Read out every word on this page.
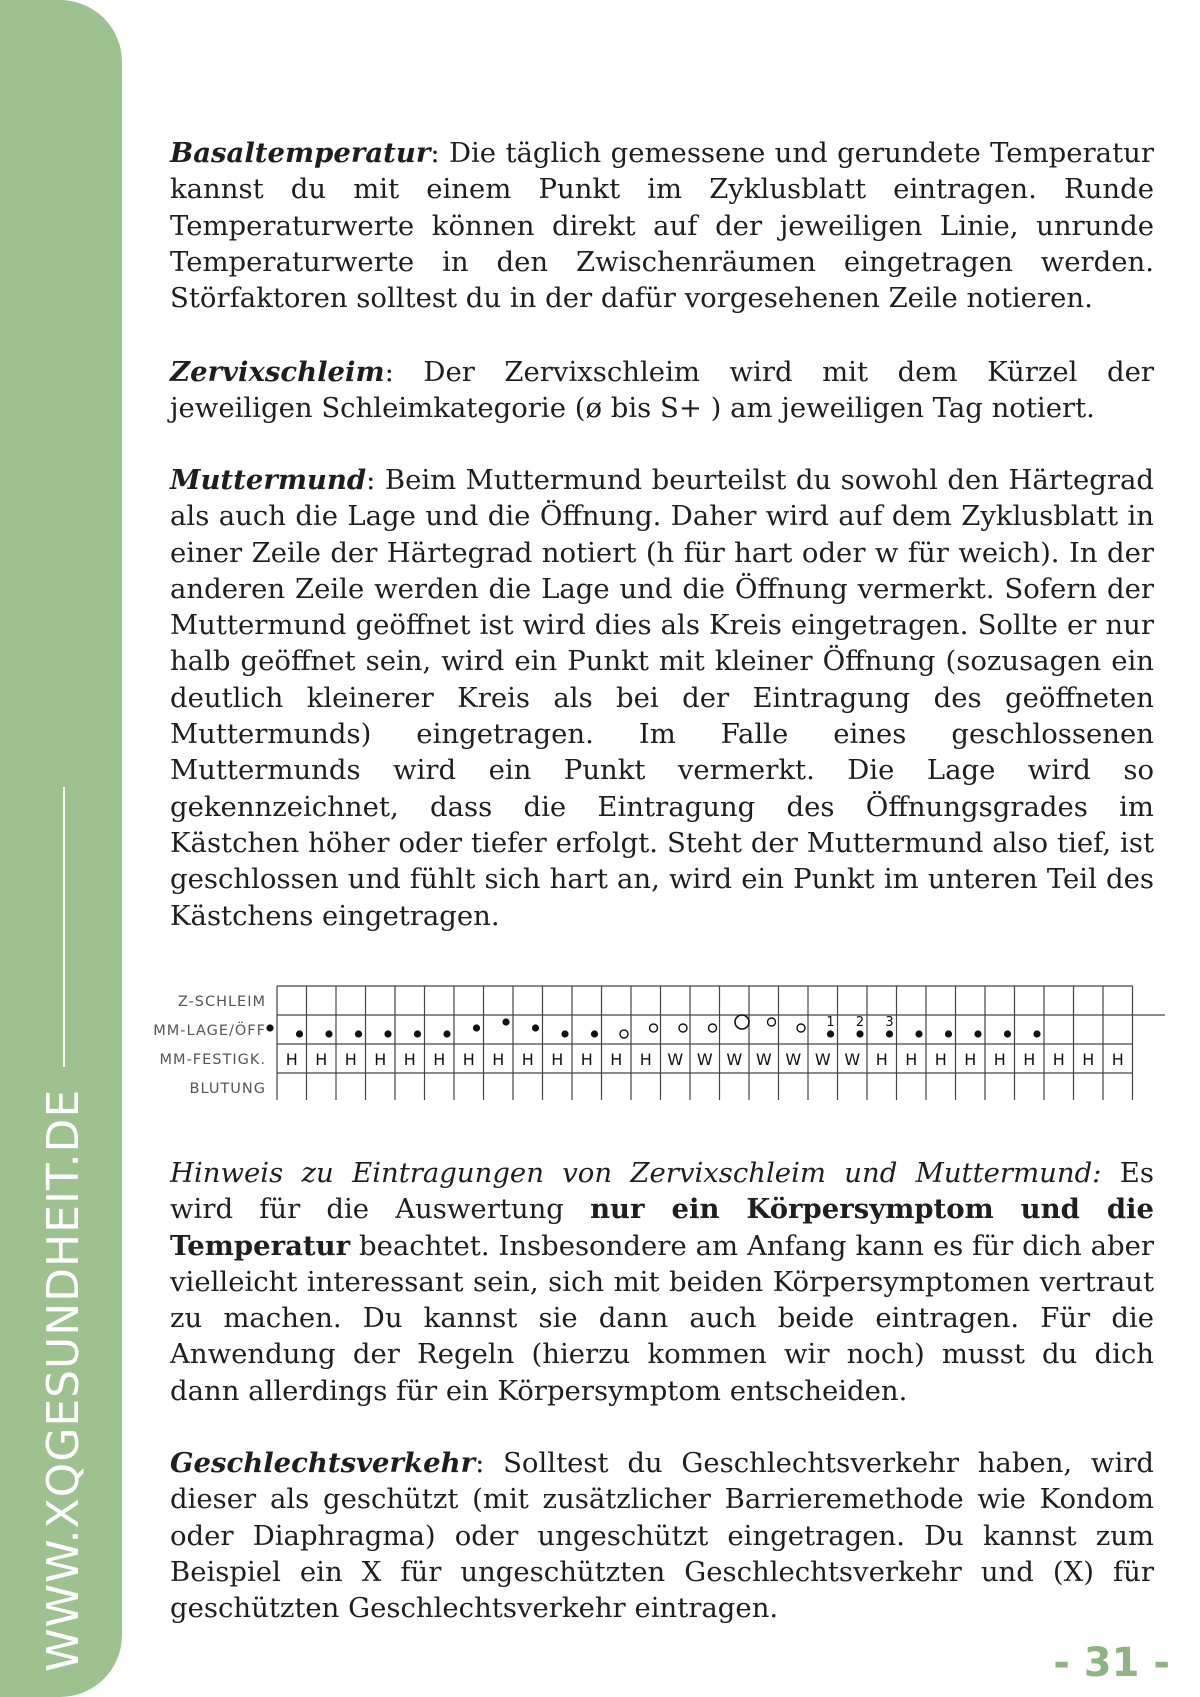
WWW.XQGESUNDHEIT.DE

Basaltemperatur: Die täglich gemessene und gerundete Temperatur kannst du mit einem Punkt im Zyklusblatt eintragen. Runde Temperaturwerte können direkt auf der jeweiligen Linie, unrunde Temperaturwerte in den Zwischenräumen eingetragen werden. Störfaktoren solltest du in der dafür vorgesehenen Zeile notieren.

Zervixschleim: Der Zervixschleim wird mit dem Kürzel der jeweiligen Schleimkategorie (ø bis S+ ) am jeweiligen Tag notiert.

Muttermund: Beim Muttermund beurteilst du sowohl den Härtegrad als auch die Lage und die Öffnung. Daher wird auf dem Zyklusblatt in einer Zeile der Härtegrad notiert (h für hart oder w für weich). In der anderen Zeile werden die Lage und die Öffnung vermerkt. Sofern der Muttermund geöffnet ist wird dies als Kreis eingetragen. Sollte er nur halb geöffnet sein, wird ein Punkt mit kleiner Öffnung (sozusagen ein deutlich kleinerer Kreis als bei der Eintragung des geöffneten Muttermunds) eingetragen. Im Falle eines geschlossenen Muttermunds wird ein Punkt vermerkt. Die Lage wird so gekennzeichnet, dass die Eintragung des Öffnungsgrades im Kästchen höher oder tiefer erfolgt. Steht der Muttermund also tief, ist geschlossen und fühlt sich hart an, wird ein Punkt im unteren Teil des Kästchens eingetragen.

Z-SCHLEIM
MM-LAGE/ÖFF
MM-FESTIGK.
BLUTUNG
1 2 3
H H H H H H H H H H H H H W W W W W W W H H H H H H H H H

Hinweis zu Eintragungen von Zervixschleim und Muttermund: Es wird für die Auswertung nur ein Körpersymptom und die Temperatur beachtet. Insbesondere am Anfang kann es für dich aber vielleicht interessant sein, sich mit beiden Körpersymptomen vertraut zu machen. Du kannst sie dann auch beide eintragen. Für die Anwendung der Regeln (hierzu kommen wir noch) musst du dich dann allerdings für ein Körpersymptom entscheiden.

Geschlechtsverkehr: Solltest du Geschlechtsverkehr haben, wird dieser als geschützt (mit zusätzlicher Barrieremethode wie Kondom oder Diaphragma) oder ungeschützt eingetragen. Du kannst zum Beispiel ein X für ungeschützten Geschlechtsverkehr und (X) für geschützten Geschlechtsverkehr eintragen.

- 31 -
